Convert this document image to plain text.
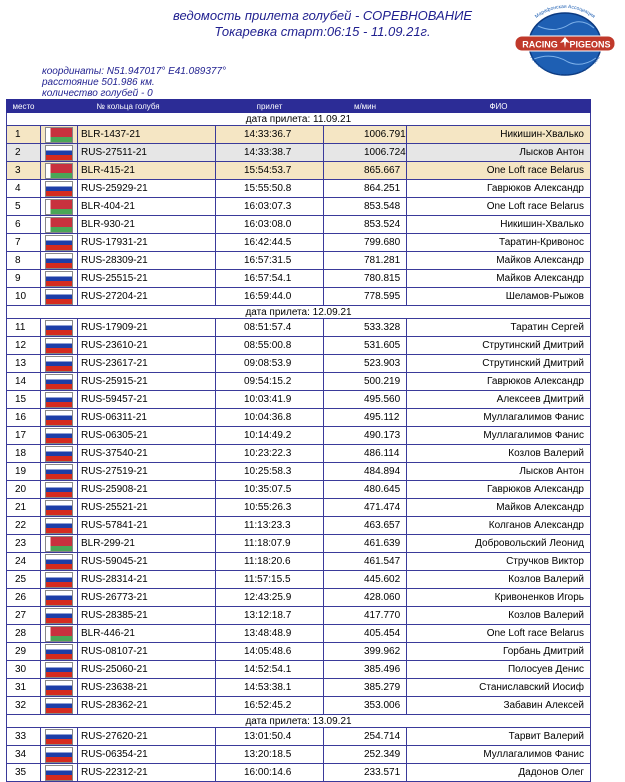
ведомость прилета голубей - СОРЕВНОВАНИЕ
Токаревка старт:06:15 - 11.09.21г.
RACING PIGEONS
Марафонская Ассоциация
Ассоциация Спортивных Голубеводов
координаты: N51.947017° E41.089377°
расстояние 501.986 км.
количество голубей - 0
место	№ кольца голубя		прилет	м/мин	ФИО
дата прилета: 11.09.21					
1		BLR-1437-21	14:33:36.7	1006.791	Никишин-Хвалько
2		RUS-27511-21	14:33:38.7	1006.724	Лысков Антон
3		BLR-415-21	15:54:53.7	865.667	One Loft race Belarus
4		RUS-25929-21	15:55:50.8	864.251	Гаврюков Александр
5		BLR-404-21	16:03:07.3	853.548	One Loft race Belarus
6		BLR-930-21	16:03:08.0	853.524	Никишин-Хвалько
7		RUS-17931-21	16:42:44.5	799.680	Таратин-Кривонос
8		RUS-28309-21	16:57:31.5	781.281	Майков Александр
9		RUS-25515-21	16:57:54.1	780.815	Майков Александр
10		RUS-27204-21	16:59:44.0	778.595	Шеламов-Рыжов
дата прилета: 12.09.21					
11		RUS-17909-21	08:51:57.4	533.328	Таратин Сергей
12		RUS-23610-21	08:55:00.8	531.605	Струтинский Дмитрий
13		RUS-23617-21	09:08:53.9	523.903	Струтинский Дмитрий
14		RUS-25915-21	09:54:15.2	500.219	Гаврюков Александр
15		RUS-59457-21	10:03:41.9	495.560	Алексеев Дмитрий
16		RUS-06311-21	10:04:36.8	495.112	Муллагалимов Фанис
17		RUS-06305-21	10:14:49.2	490.173	Муллагалимов Фанис
18		RUS-37540-21	10:23:22.3	486.114	Козлов Валерий
19		RUS-27519-21	10:25:58.3	484.894	Лысков Антон
20		RUS-25908-21	10:35:07.5	480.645	Гаврюков Александр
21		RUS-25521-21	10:55:26.3	471.474	Майков Александр
22		RUS-57841-21	11:13:23.3	463.657	Колганов Александр
23		BLR-299-21	11:18:07.9	461.639	Добровольский Леонид
24		RUS-59045-21	11:18:20.6	461.547	Стручков Виктор
25		RUS-28314-21	11:57:15.5	445.602	Козлов Валерий
26		RUS-26773-21	12:43:25.9	428.060	Кривоненков Игорь
27		RUS-28385-21	13:12:18.7	417.770	Козлов Валерий
28		BLR-446-21	13:48:48.9	405.454	One Loft race Belarus
29		RUS-08107-21	14:05:48.6	399.962	Горбань Дмитрий
30		RUS-25060-21	14:52:54.1	385.496	Полосуев Денис
31		RUS-23638-21	14:53:38.1	385.279	Станиславский Иосиф
32		RUS-28362-21	16:52:45.2	353.006	Забавин Алексей
дата прилета: 13.09.21					
33		RUS-27620-21	13:01:50.4	254.714	Тарвит Валерий
34		RUS-06354-21	13:20:18.5	252.349	Муллагалимов Фанис
35		RUS-22312-21	16:00:14.6	233.571	Дадонов Олег
